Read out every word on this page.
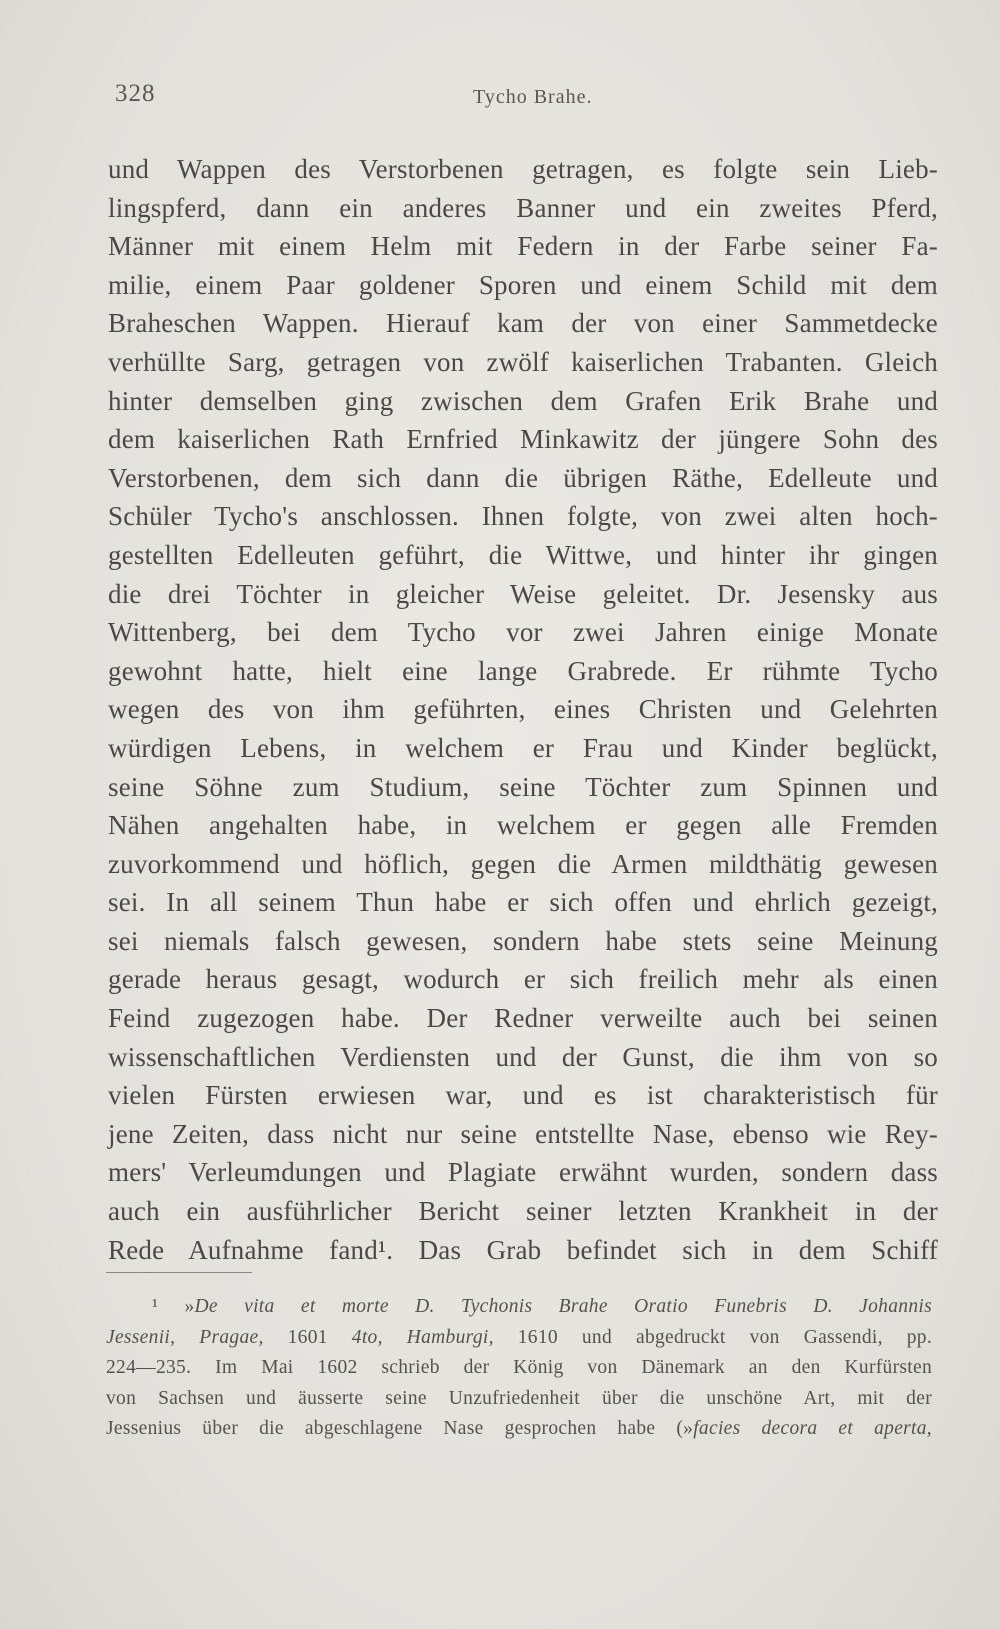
328	Tycho Brahe.
und Wappen des Verstorbenen getragen, es folgte sein Lieb-
lingspferd, dann ein anderes Banner und ein zweites Pferd,
Männer mit einem Helm mit Federn in der Farbe seiner Fa-
milie, einem Paar goldener Sporen und einem Schild mit dem
Braheschen Wappen. Hierauf kam der von einer Sammetdecke
verhüllte Sarg, getragen von zwölf kaiserlichen Trabanten. Gleich
hinter demselben ging zwischen dem Grafen Erik Brahe und
dem kaiserlichen Rath Ernfried Minkawitz der jüngere Sohn des
Verstorbenen, dem sich dann die übrigen Räthe, Edelleute und
Schüler Tycho's anschlossen. Ihnen folgte, von zwei alten hoch-
gestellten Edelleuten geführt, die Wittwe, und hinter ihr gingen
die drei Töchter in gleicher Weise geleitet. Dr. Jesensky aus
Wittenberg, bei dem Tycho vor zwei Jahren einige Monate
gewohnt hatte, hielt eine lange Grabrede. Er rühmte Tycho
wegen des von ihm geführten, eines Christen und Gelehrten
würdigen Lebens, in welchem er Frau und Kinder beglückt,
seine Söhne zum Studium, seine Töchter zum Spinnen und
Nähen angehalten habe, in welchem er gegen alle Fremden
zuvorkommend und höflich, gegen die Armen mildthätig gewesen
sei. In all seinem Thun habe er sich offen und ehrlich gezeigt,
sei niemals falsch gewesen, sondern habe stets seine Meinung
gerade heraus gesagt, wodurch er sich freilich mehr als einen
Feind zugezogen habe. Der Redner verweilte auch bei seinen
wissenschaftlichen Verdiensten und der Gunst, die ihm von so
vielen Fürsten erwiesen war, und es ist charakteristisch für
jene Zeiten, dass nicht nur seine entstellte Nase, ebenso wie Rey-
mers' Verleumdungen und Plagiate erwähnt wurden, sondern dass
auch ein ausführlicher Bericht seiner letzten Krankheit in der
Rede Aufnahme fand¹. Das Grab befindet sich in dem Schiff
¹ »De vita et morte D. Tychonis Brahe Oratio Funebris D. Johannis
Jessenii, Pragae, 1601 4to, Hamburgi, 1610 und abgedruckt von Gassendi, pp.
224—235. Im Mai 1602 schrieb der König von Dänemark an den Kurfürsten
von Sachsen und äusserte seine Unzufriedenheit über die unschöne Art, mit der
Jessenius über die abgeschlagene Nase gesprochen habe (»facies decora et aperta,
